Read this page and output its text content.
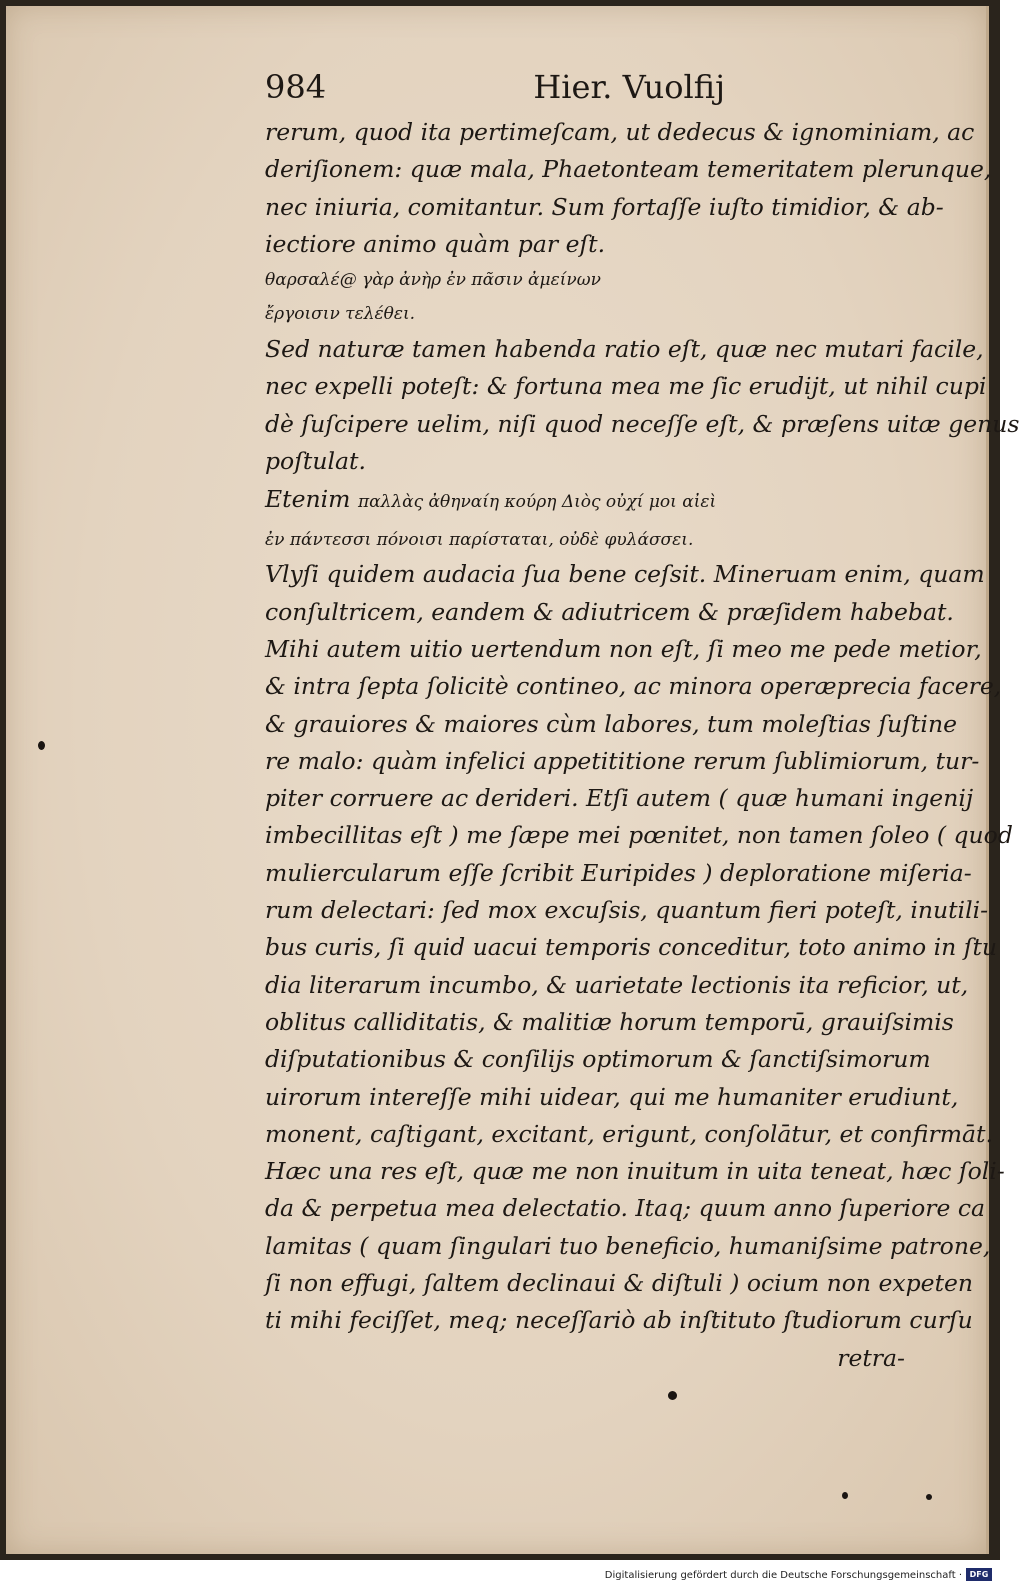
984	Hier. Vuolfij
rerum, quod ita pertimeſcam, ut dedecus & ignominiam, ac
deriſionem: quæ mala, Phaetonteam temeritatem plerunque,
nec iniuria, comitantur. Sum fortaſſe iuſto timidior, & ab-
iectiore animo quàm par eſt.
θαρσαλέ@ γὰρ ἀνὴρ ἐν πᾶσιν ἀμείνων
ἔργοισιν τελέθει.
Sed naturæ tamen habenda ratio eſt, quæ nec mutari facile,
nec expelli poteſt: & fortuna mea me ſic erudijt, ut nihil cupi
dè ſuſcipere uelim, niſi quod neceſſe eſt, & præſens uitæ genus
poſtulat.
Etenim παλλὰς ἀθηναίη κούρη Διὸς οὐχί μοι αἰεὶ
ἐν πάντεσσι πόνοισι παρίσταται, οὐδὲ φυλάσσει.
Vlyſi quidem audacia ſua bene ceſsit. Mineruam enim, quam
conſultricem, eandem & adiutricem & præſidem habebat.
Mihi autem uitio uertendum non eſt, ſi meo me pede metior,
& intra ſepta ſolicitè contineo, ac minora operæprecia facere,
& grauiores & maiores cùm labores, tum moleſtias ſuſtine
re malo: quàm infelici appetititione rerum ſublimiorum, tur-
piter corruere ac derideri. Etſi autem ( quæ humani ingenij
imbecillitas eſt ) me ſæpe mei pœnitet, non tamen ſoleo ( quod
muliercularum eſſe ſcribit Euripides ) deploratione miſeria-
rum delectari: ſed mox excuſsis, quantum fieri poteſt, inutili-
bus curis, ſi quid uacui temporis conceditur, toto animo in ſtu
dia literarum incumbo, & uarietate lectionis ita reficior, ut,
oblitus calliditatis, & malitiæ horum temporū, grauiſsimis
diſputationibus & conſilijs optimorum & ſanctiſsimorum
uirorum intereſſe mihi uidear, qui me humaniter erudiunt,
monent, caſtigant, excitant, erigunt, conſolātur, et confirmāt.
Hæc una res eſt, quæ me non inuitum in uita teneat, hæc ſoli-
da & perpetua mea delectatio. Itaq; quum anno ſuperiore ca
lamitas ( quam ſingulari tuo beneficio, humaniſsime patrone,
ſi non effugi, ſaltem declinaui & diſtuli ) ocium non expeten
ti mihi feciſſet, meq; neceſſariò ab inſtituto ſtudiorum curſu
retra-
Digitalisierung gefördert durch die Deutsche Forschungsgemeinschaft · DFG
